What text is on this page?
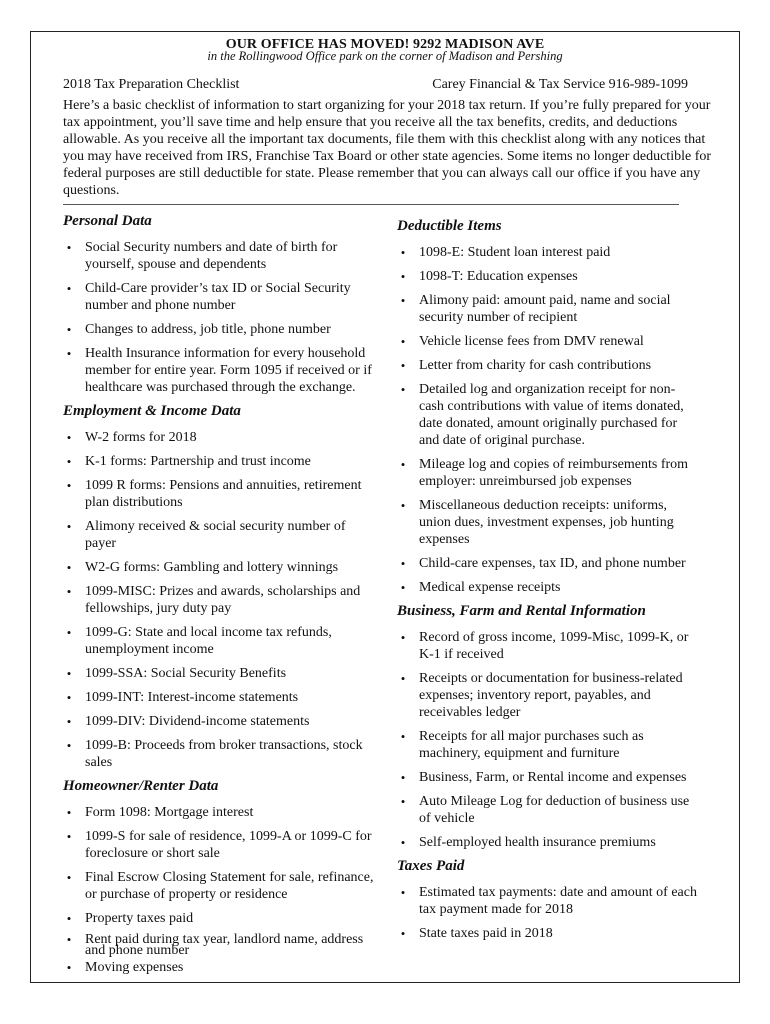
OUR OFFICE HAS MOVED! 9292 MADISON AVE
in the Rollingwood Office park on the corner of Madison and Pershing
2018 Tax Preparation Checklist	Carey Financial & Tax Service 916-989-1099
Here’s a basic checklist of information to start organizing for your 2018 tax return. If you’re fully prepared for your tax appointment, you’ll save time and help ensure that you receive all the tax benefits, credits, and deductions allowable. As you receive all the important tax documents, file them with this checklist along with any notices that you may have received from IRS, Franchise Tax Board or other state agencies. Some items no longer deductible for federal purposes are still deductible for state. Please remember that you can always call our office if you have any questions.
Personal Data
• Social Security numbers and date of birth for yourself, spouse and dependents
• Child-Care provider’s tax ID or Social Security number and phone number
• Changes to address, job title, phone number
• Health Insurance information for every household member for entire year. Form 1095 if received or if healthcare was purchased through the exchange.
Employment & Income Data
• W-2 forms for 2018
• K-1 forms: Partnership and trust income
• 1099 R forms: Pensions and annuities, retirement plan distributions
• Alimony received & social security number of payer
• W2-G forms: Gambling and lottery winnings
• 1099-MISC: Prizes and awards, scholarships and fellowships, jury duty pay
• 1099-G: State and local income tax refunds, unemployment income
• 1099-SSA: Social Security Benefits
• 1099-INT: Interest-income statements
• 1099-DIV: Dividend-income statements
• 1099-B: Proceeds from broker transactions, stock sales
Homeowner/Renter Data
• Form 1098: Mortgage interest
• 1099-S for sale of residence, 1099-A or 1099-C for foreclosure or short sale
• Final Escrow Closing Statement for sale, refinance, or purchase of property or residence
• Property taxes paid
• Rent paid during tax year, landlord name, address and phone number
• Moving expenses
Deductible Items
• 1098-E: Student loan interest paid
• 1098-T: Education expenses
• Alimony paid: amount paid, name and social security number of recipient
• Vehicle license fees from DMV renewal
• Letter from charity for cash contributions
• Detailed log and organization receipt for non-cash contributions with value of items donated, date donated, amount originally purchased for and date of original purchase.
• Mileage log and copies of reimbursements from employer: unreimbursed job expenses
• Miscellaneous deduction receipts: uniforms, union dues, investment expenses, job hunting expenses
• Child-care expenses, tax ID, and phone number
• Medical expense receipts
Business, Farm and Rental Information
• Record of gross income, 1099-Misc, 1099-K, or K-1 if received
• Receipts or documentation for business-related expenses; inventory report, payables, and receivables ledger
• Receipts for all major purchases such as machinery, equipment and furniture
• Business, Farm, or Rental income and expenses
• Auto Mileage Log for deduction of business use of vehicle
• Self-employed health insurance premiums
Taxes Paid
• Estimated tax payments: date and amount of each tax payment made for 2018
• State taxes paid in 2018
